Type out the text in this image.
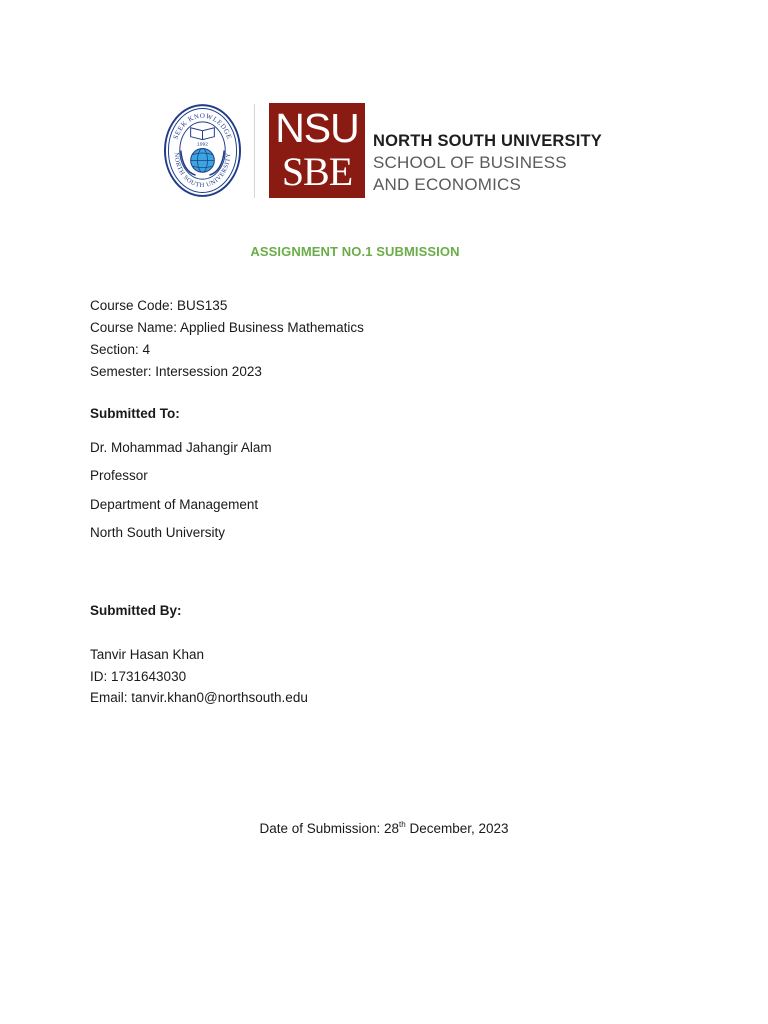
SEEK KNOWLEDGE
NORTH SOUTH UNIVERSITY
1992 NSU
SBE
NORTH SOUTH UNIVERSITY
SCHOOL OF BUSINESS
AND ECONOMICS
ASSIGNMENT NO.1 SUBMISSION
Course Code: BUS135
Course Name: Applied Business Mathematics
Section: 4
Semester: Intersession 2023
Submitted To:
Dr. Mohammad Jahangir Alam
Professor
Department of Management
North South University
Submitted By:
Tanvir Hasan Khan
ID: 1731643030
Email: tanvir.khan0@northsouth.edu
Date of Submission: 28th December, 2023
